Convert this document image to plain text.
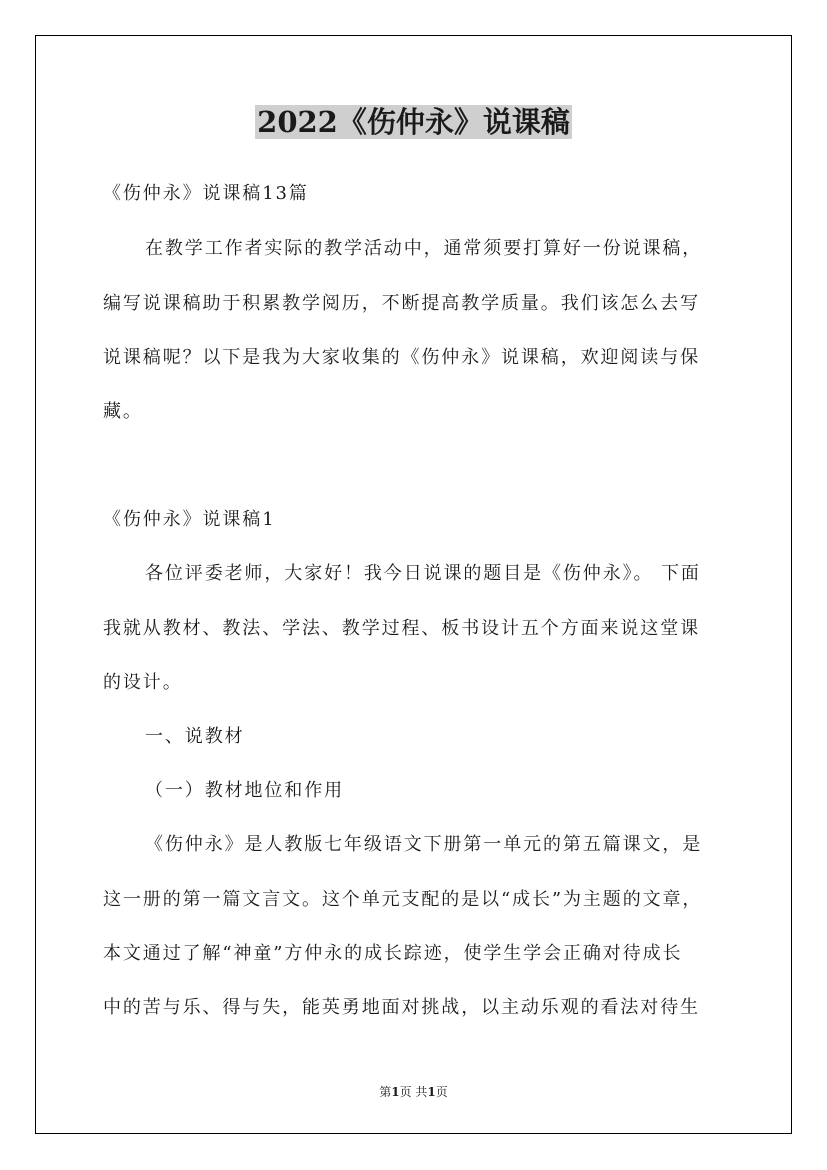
2022《伤仲永》说课稿
《伤仲永》说课稿13篇
在教学工作者实际的教学活动中，通常须要打算好一份说课稿，
编写说课稿助于积累教学阅历，不断提高教学质量。我们该怎么去写
说课稿呢？以下是我为大家收集的《伤仲永》说课稿，欢迎阅读与保
藏。
《伤仲永》说课稿1
各位评委老师，大家好！我今日说课的题目是《伤仲永》。 下面
我就从教材、教法、学法、教学过程、板书设计五个方面来说这堂课
的设计。
一、说教材
（一）教材地位和作用
《伤仲永》是人教版七年级语文下册第一单元的第五篇课文，是
这一册的第一篇文言文。这个单元支配的是以“成长”为主题的文章，
本文通过了解“神童”方仲永的成长踪迹，使学生学会正确对待成长
中的苦与乐、得与失，能英勇地面对挑战，以主动乐观的看法对待生
第1页 共1页
